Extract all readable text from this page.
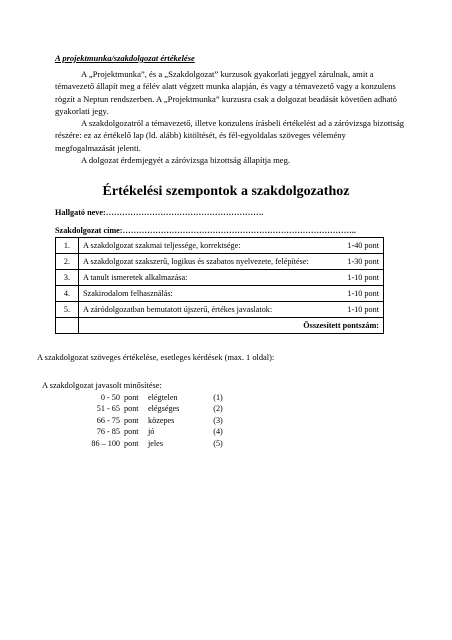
A projektmunka/szakdolgozat értékelése
A „Projektmunka”, és a „Szakdolgozat” kurzusok gyakorlati jeggyel zárulnak, amit a témavezető állapít meg a félév alatt végzett munka alapján, és vagy a témavezető vagy a konzulens rögzít a Neptun rendszerben. A „Projektmunka” kurzusra csak a dolgozat beadását követően adható gyakorlati jegy.
A szakdolgozatról a témavezető, illetve konzulens írásbeli értékelést ad a záróvizsga bizottság részére: ez az értékelő lap (ld. alább) kitöltését, és fél-egyoldalas szöveges vélemény megfogalmazását jelenti.
A dolgozat érdemjegyét a záróvizsga bizottság állapítja meg.
Értékelési szempontok a szakdolgozathoz
Hallgató neve:………………………………………………….
Szakdolgozat címe:…………………………………………………………………………..
1.	A szakdolgozat szakmai teljessége, korrektsége: 1-40 pont

2.	A szakdolgozat szakszerű, logikus és szabatos nyelvezete, felépítése: 1-30 pont

3.	A tanult ismeretek alkalmazása: 1-10 pont

4.	Szakirodalom felhasználás: 1-10 pont

5.	A záródolgozatban bemutatott újszerű, értékes javaslatok: 1-10 pont

	Összesített pontszám:
A szakdolgozat szöveges értékelése, esetleges kérdések (max. 1 oldal):
A szakdolgozat javasolt minősítése:
0 - 50 pont	elégtelen	(1)
51 - 65 pont	elégséges	(2)
66 - 75 pont	közepes	(3)
76 - 85 pont	jó	(4)
86 – 100 pont	jeles	(5)
